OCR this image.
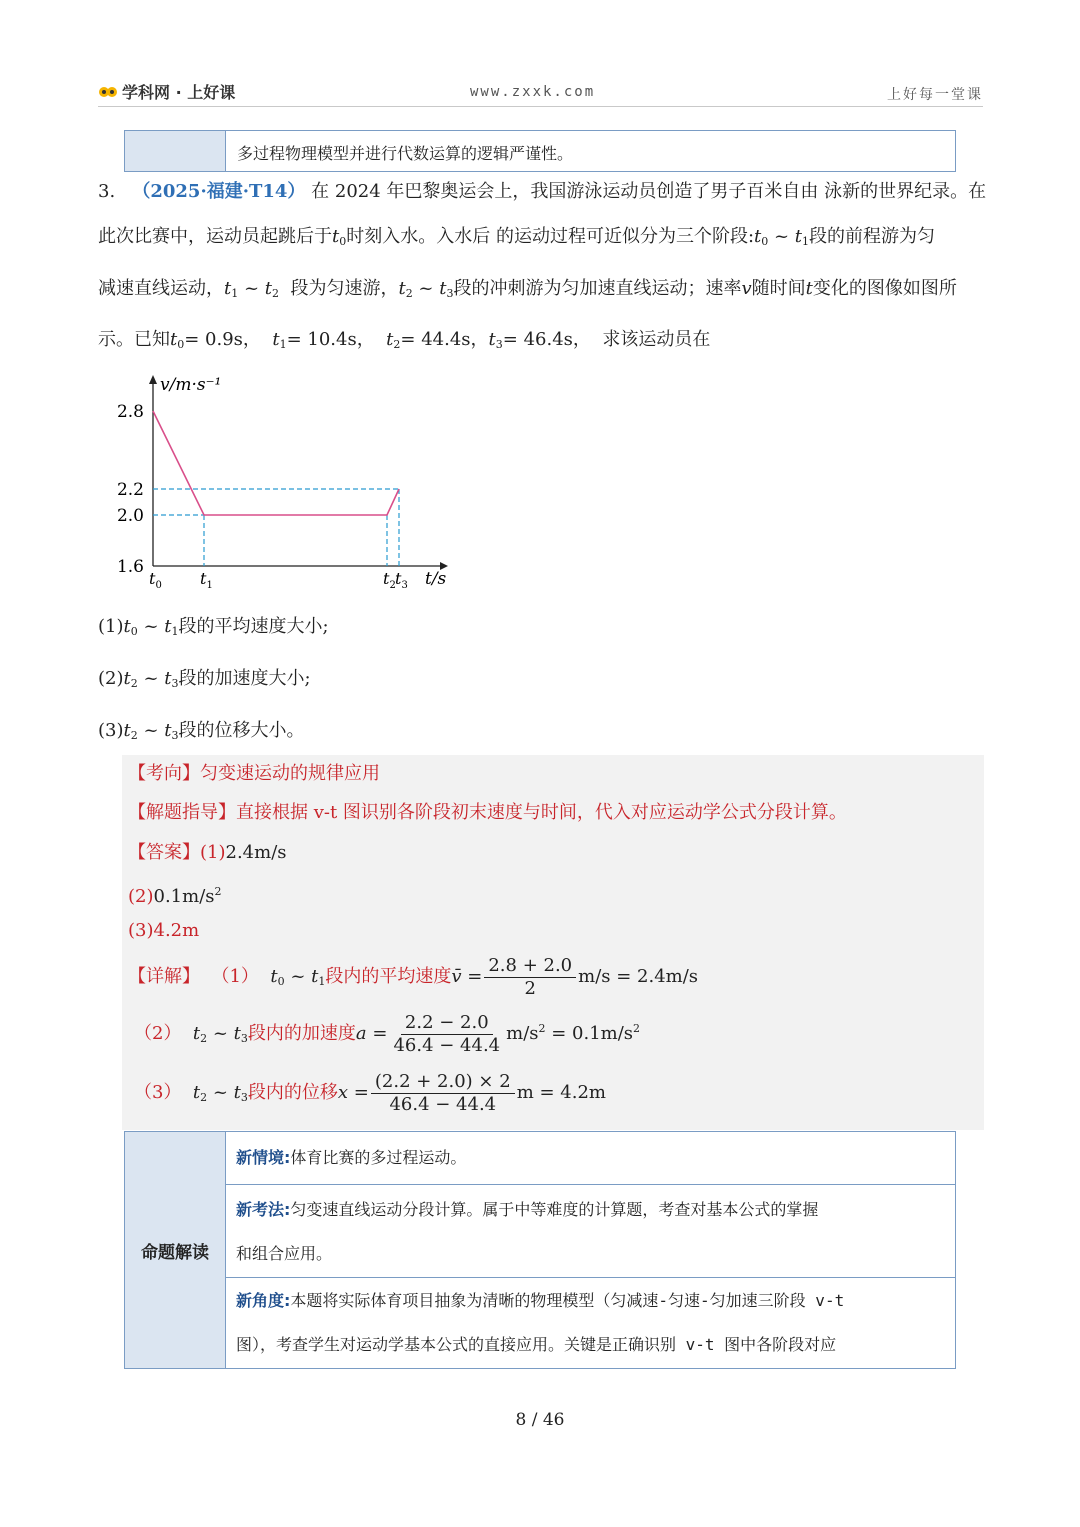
学科网 · 上好课	www.zxxk.com	上好每一堂课
多过程物理模型并进行代数运算的逻辑严谨性。
3. （2025·福建·T14） 在 2024 年巴黎奥运会上，我国游泳运动员创造了男子百米自由 泳新的世界纪录。在
此次比赛中，运动员起跳后于$t_0$时刻入水。入水后 的运动过程可近似分为三个阶段$:t_0$ ~ $t_1$段的前程游为匀
减速直线运动，$t_1$ ~ $t_2$ 段为匀速游，$t_2$ ~ $t_3$段的冲刺游为匀加速直线运动；速率v随时间t变化的图像如图所
示。已知$t_0= 0.9s$， $t_1= 10.4s$， $t_2= 44.4s$，$t_3= 46.4s$， 求该运动员在
v/m·s⁻¹
t/s
2.8
2.2
2.0
1.6
$t_0$ $t_1$	$t_2$ $t_3$
$(1)t_0$ ~ $t_1$段的平均速度大小;
$(2)t_2$ ~ $t_3$段的加速度大小;
$(3)t_2$ ~ $t_3$段的位移大小。
【考向】匀变速运动的规律应用
【解题指导】直接根据 v-t 图识别各阶段初末速度与时间，代入对应运动学公式分段计算。
【答案】(1)2.4m/s
$(2)0.1m/s^2$
(3)4.2m
【详解】 （1） $t_0$ ~ $t_1$段内的平均速度v̄ = $\frac{2.8 + 2.0}{2} m/s = 2.4m/s$
（2） $t_2$ ~ $t_3$段内的加速度$a = \frac{2.2 - 2.0}{46.4 - 44.4} m/s^2 = 0.1m/s^2$
（3） $t_2$ ~ $t_3$段内的位移$x = \frac{(2.2 + 2.0) \times 2}{46.4 - 44.4}$ m = 4.2m
命题解读
新情境:体育比赛的多过程运动。
新考法:匀变速直线运动分段计算。属于中等难度的计算题，考查对基本公式的掌握
和组合应用。
新角度:本题将实际体育项目抽象为清晰的物理模型（匀减速-匀速-匀加速三阶段 v-t
图），考查学生对运动学基本公式的直接应用。关键是正确识别 v-t 图中各阶段对应
8 / 46
